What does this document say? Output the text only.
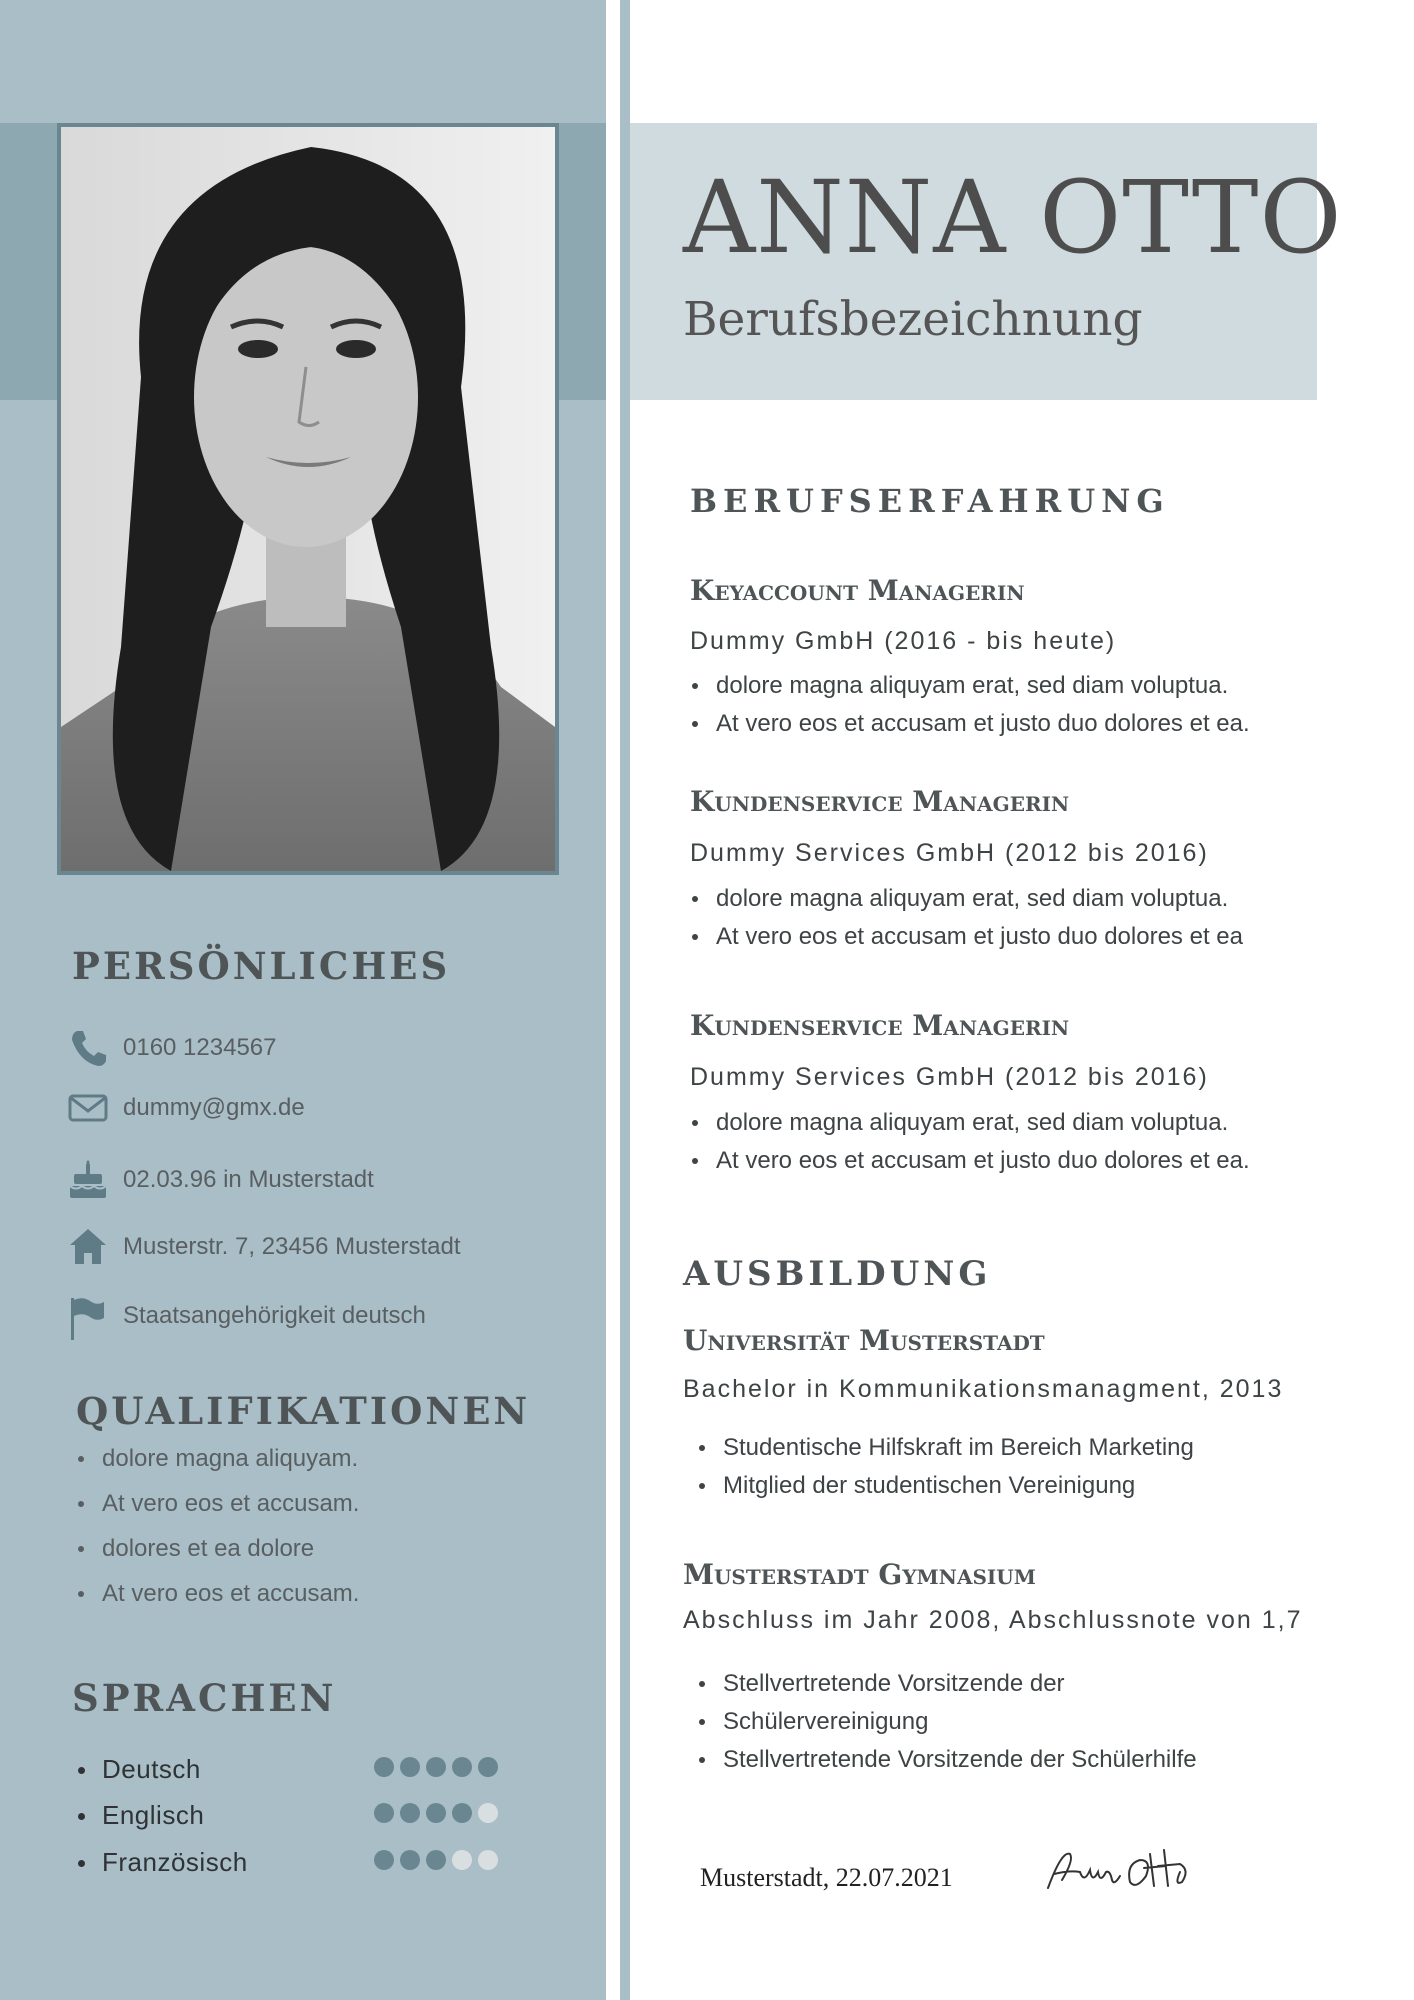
ANNA OTTO
Berufsbezeichnung
PERSÖNLICHES
0160 1234567
dummy@gmx.de
02.03.96 in Musterstadt
Musterstr. 7, 23456 Musterstadt
Staatsangehörigkeit deutsch
QUALIFIKATIONEN
dolore magna aliquyam.
At vero eos et accusam.
dolores et ea dolore
At vero eos et accusam.
SPRACHEN
Deutsch
Englisch
Französisch
BERUFSERFAHRUNG
Keyaccount Managerin
Dummy GmbH (2016 - bis heute)
dolore magna aliquyam erat, sed diam voluptua.
At vero eos et accusam et justo duo dolores et ea.
Kundenservice Managerin
Dummy Services GmbH (2012 bis 2016)
dolore magna aliquyam erat, sed diam voluptua.
At vero eos et accusam et justo duo dolores et ea
Kundenservice Managerin
Dummy Services GmbH (2012 bis 2016)
dolore magna aliquyam erat, sed diam voluptua.
At vero eos et accusam et justo duo dolores et ea.
AUSBILDUNG
Universität Musterstadt
Bachelor in Kommunikationsmanagment, 2013
Studentische Hilfskraft im Bereich Marketing
Mitglied der studentischen Vereinigung
Musterstadt Gymnasium
Abschluss im Jahr 2008, Abschlussnote von 1,7
Stellvertretende Vorsitzende der
Schülervereinigung
Stellvertretende Vorsitzende der Schülerhilfe
Musterstadt, 22.07.2021
